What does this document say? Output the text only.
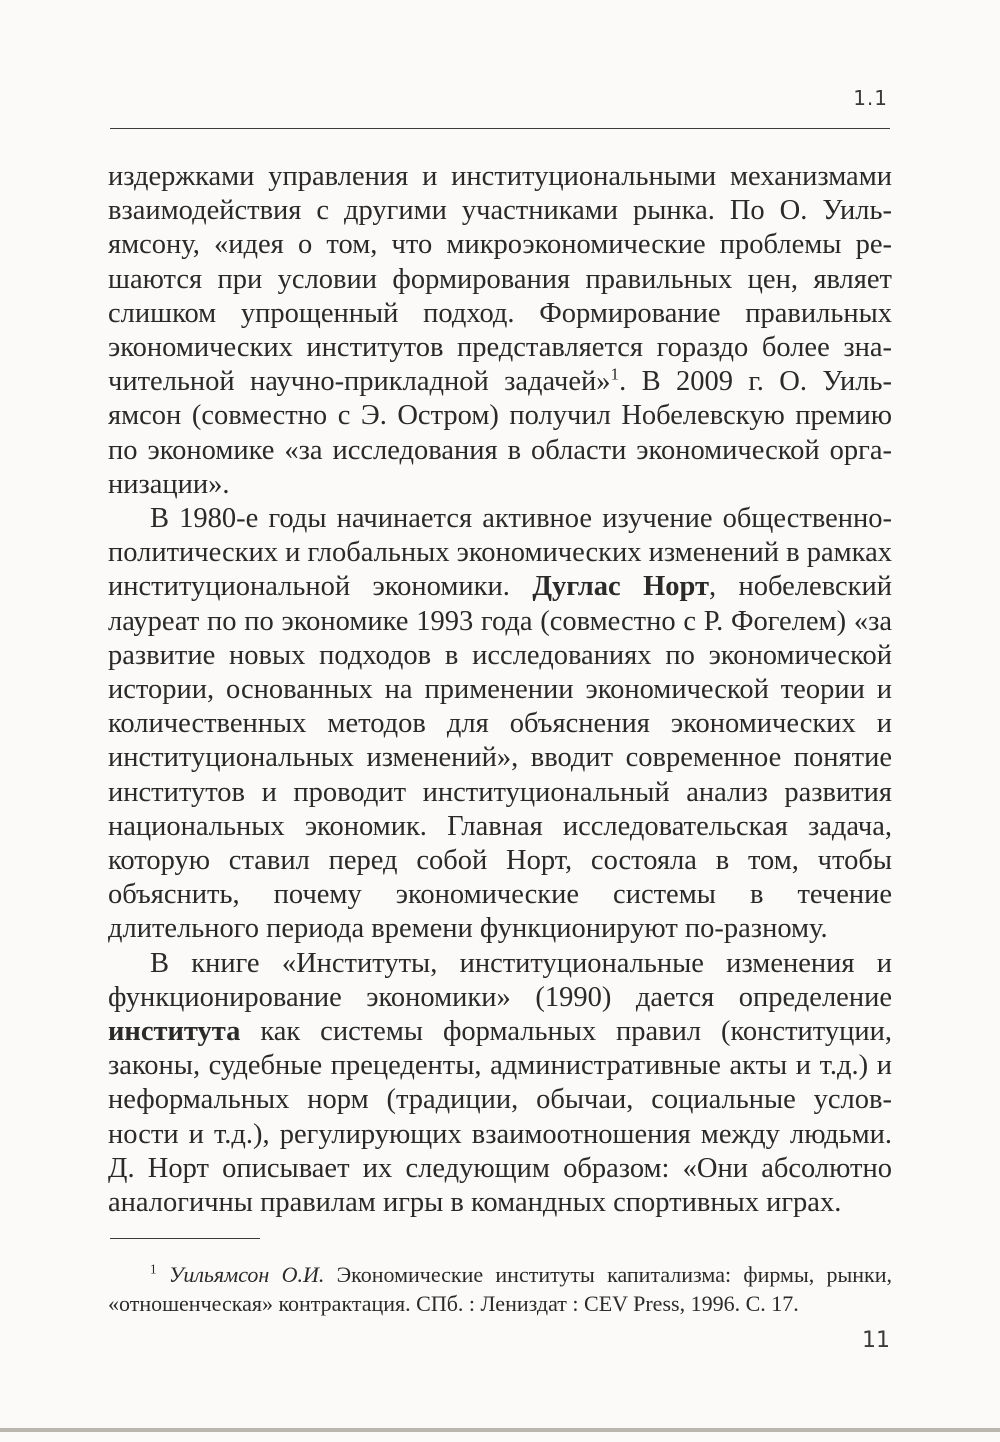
1.1

издержками управления и институциональными механизмами взаимодействия с другими участниками рынка. По О. Уильямсону, «идея о том, что микроэкономические проблемы решаются при условии формирования правильных цен, являет слишком упрощенный подход. Формирование правильных экономических институтов представляется гораздо более значительной научно-прикладной задачей»$^1$. В 2009 г. О. Уильямсон (совместно с Э. Остром) получил Нобелевскую премию по экономике «за исследования в области экономической организации».

В 1980-е годы начинается активное изучение общественно-политических и глобальных экономических изменений в рамках институциональной экономики. Дуглас Норт, нобелевский лауреат по по экономике 1993 года (совместно с Р. Фогелем) «за развитие новых подходов в исследованиях по экономической истории, основанных на применении экономической теории и количественных методов для объяснения экономических и институциональных изменений», вводит современное понятие институтов и проводит институциональный анализ развития национальных экономик. Главная исследовательская задача, которую ставил перед собой Норт, состояла в том, чтобы объяснить, почему экономические системы в течение длительного периода времени функционируют по-разному.

В книге «Институты, институциональные изменения и функционирование экономики» (1990) дается определение института как системы формальных правил (конституции, законы, судебные прецеденты, административные акты и т.д.) и неформальных норм (традиции, обычаи, социальные условности и т.д.), регулирующих взаимоотношения между людьми. Д. Норт описывает их следующим образом: «Они абсолютно аналогичны правилам игры в командных спортивных играх.

$^1$ Уильямсон О.И. Экономические институты капитализма: фирмы, рынки, «отношенческая» контрактация. СПб. : Лениздат : CEV Press, 1996. С. 17.
11
